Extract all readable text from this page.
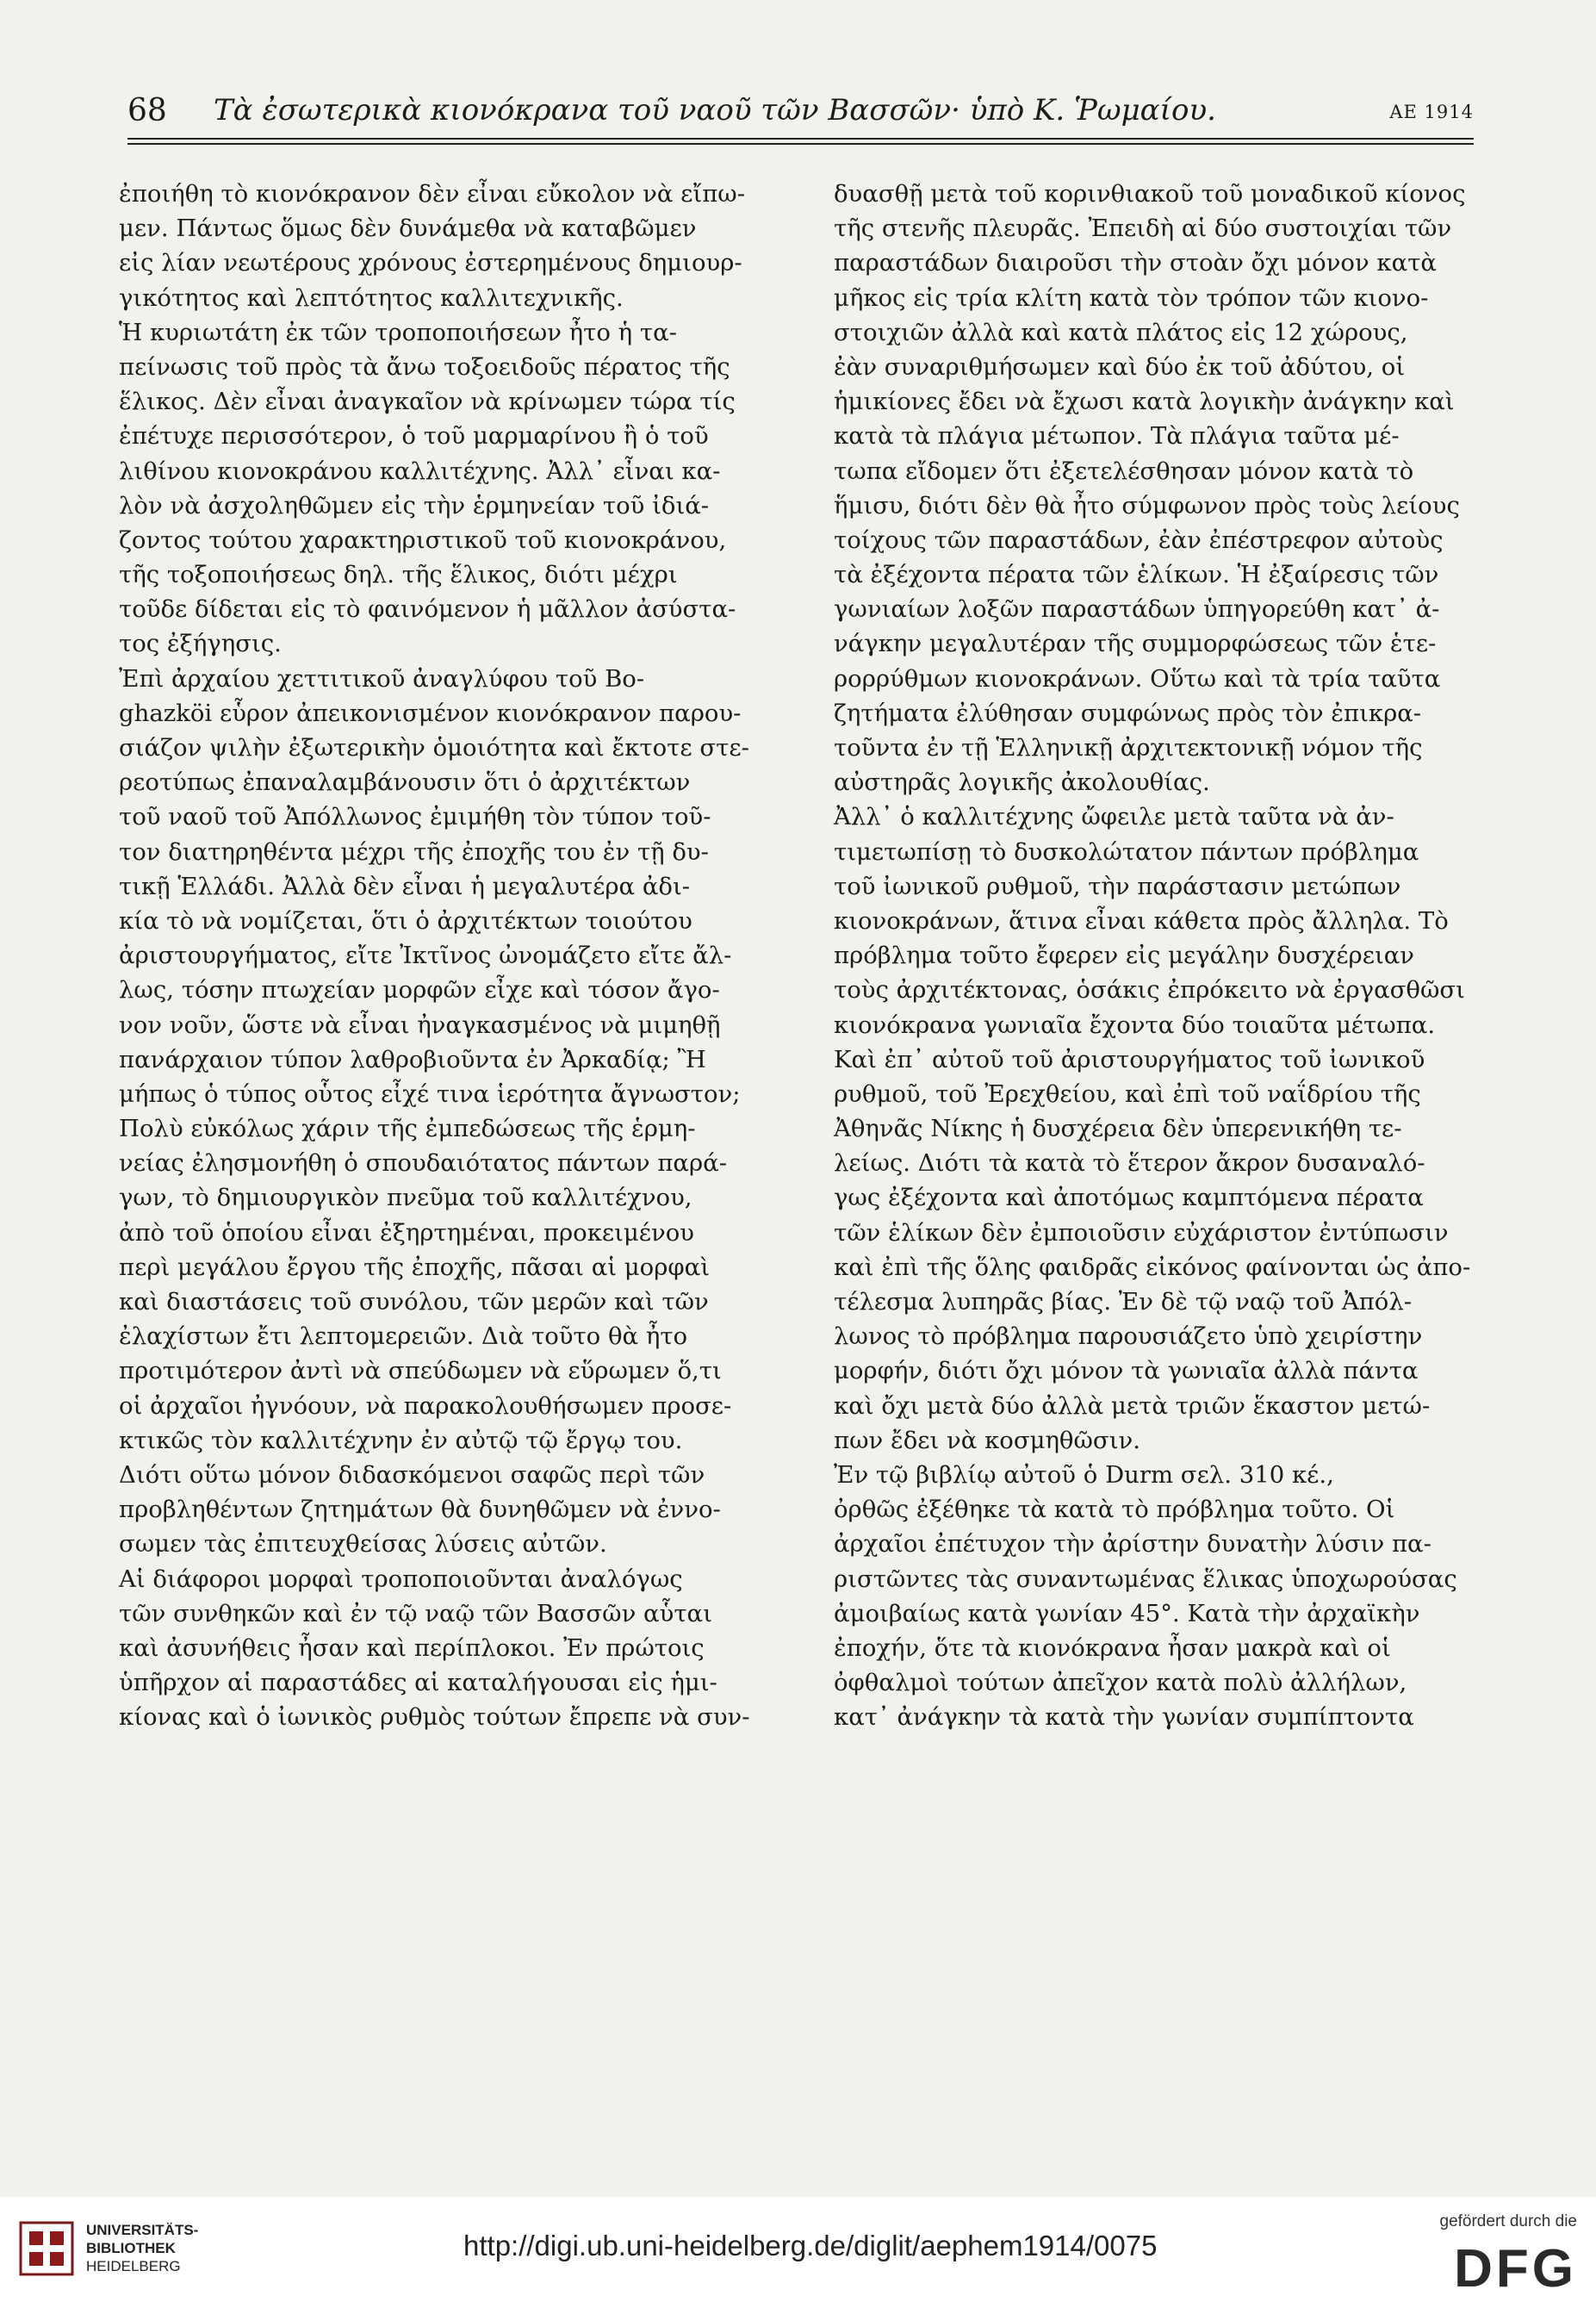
68 Τὰ ἐσωτερικὰ κιονόκρανα τοῦ ναοῦ τῶν Βασσῶν· ὑπὸ Κ. Ῥωμαίου.	ΑΕ 1914
ἐποιήθη τὸ κιονόκρανον δὲν εἶναι εὔκολον νὰ εἴπω-
μεν. Πάντως ὅμως δὲν δυνάμεθα νὰ καταβῶμεν
εἰς λίαν νεωτέρους χρόνους ἐστερημένους δημιουρ-
γικότητος καὶ λεπτότητος καλλιτεχνικῆς.
Ἡ κυριωτάτη ἐκ τῶν τροποποιήσεων ἦτο ἡ τα-
πείνωσις τοῦ πρὸς τὰ ἄνω τοξοειδοῦς πέρατος τῆς
ἕλικος. Δὲν εἶναι ἀναγκαῖον νὰ κρίνωμεν τώρα τίς
ἐπέτυχε περισσότερον, ὁ τοῦ μαρμαρίνου ἢ ὁ τοῦ
λιθίνου κιονοκράνου καλλιτέχνης. Ἀλλ᾽ εἶναι κα-
λὸν νὰ ἀσχοληθῶμεν εἰς τὴν ἑρμηνείαν τοῦ ἰδιά-
ζοντος τούτου χαρακτηριστικοῦ τοῦ κιονοκράνου,
τῆς τοξοποιήσεως δηλ. τῆς ἕλικος, διότι μέχρι
τοῦδε δίδεται εἰς τὸ φαινόμενον ἡ μᾶλλον ἀσύστα-
τος ἐξήγησις.
Ἐπὶ ἀρχαίου χεττιτικοῦ ἀναγλύφου τοῦ Bo-
ghazköi εὗρον ἀπεικονισμένον κιονόκρανον παρου-
σιάζον ψιλὴν ἐξωτερικὴν ὁμοιότητα καὶ ἔκτοτε στε-
ρεοτύπως ἐπαναλαμβάνουσιν ὅτι ὁ ἀρχιτέκτων
τοῦ ναοῦ τοῦ Ἀπόλλωνος ἐμιμήθη τὸν τύπον τοῦ-
τον διατηρηθέντα μέχρι τῆς ἐποχῆς του ἐν τῇ δυ-
τικῇ Ἑλλάδι. Ἀλλὰ δὲν εἶναι ἡ μεγαλυτέρα ἀδι-
κία τὸ νὰ νομίζεται, ὅτι ὁ ἀρχιτέκτων τοιούτου
ἀριστουργήματος, εἴτε Ἰκτῖνος ὠνομάζετο εἴτε ἄλ-
λως, τόσην πτωχείαν μορφῶν εἶχε καὶ τόσον ἄγο-
νον νοῦν, ὥστε νὰ εἶναι ἠναγκασμένος νὰ μιμηθῇ
πανάρχαιον τύπον λαθροβιοῦντα ἐν Ἀρκαδίᾳ; Ἢ
μήπως ὁ τύπος οὗτος εἶχέ τινα ἱερότητα ἄγνωστον;
Πολὺ εὐκόλως χάριν τῆς ἐμπεδώσεως τῆς ἑρμη-
νείας ἐλησμονήθη ὁ σπουδαιότατος πάντων παρά-
γων, τὸ δημιουργικὸν πνεῦμα τοῦ καλλιτέχνου,
ἀπὸ τοῦ ὁποίου εἶναι ἐξηρτημέναι, προκειμένου
περὶ μεγάλου ἔργου τῆς ἐποχῆς, πᾶσαι αἱ μορφαὶ
καὶ διαστάσεις τοῦ συνόλου, τῶν μερῶν καὶ τῶν
ἐλαχίστων ἔτι λεπτομερειῶν. Διὰ τοῦτο θὰ ἦτο
προτιμότερον ἀντὶ νὰ σπεύδωμεν νὰ εὕρωμεν ὅ,τι
οἱ ἀρχαῖοι ἠγνόουν, νὰ παρακολουθήσωμεν προσε-
κτικῶς τὸν καλλιτέχνην ἐν αὐτῷ τῷ ἔργῳ του.
Διότι οὕτω μόνον διδασκόμενοι σαφῶς περὶ τῶν
προβληθέντων ζητημάτων θὰ δυνηθῶμεν νὰ ἐννο-
σωμεν τὰς ἐπιτευχθείσας λύσεις αὐτῶν.
Αἱ διάφοροι μορφαὶ τροποποιοῦνται ἀναλόγως
τῶν συνθηκῶν καὶ ἐν τῷ ναῷ τῶν Βασσῶν αὗται
καὶ ἀσυνήθεις ἦσαν καὶ περίπλοκοι. Ἐν πρώτοις
ὑπῆρχον αἱ παραστάδες αἱ καταλήγουσαι εἰς ἡμι-
κίονας καὶ ὁ ἰωνικὸς ρυθμὸς τούτων ἔπρεπε νὰ συν-
δυασθῇ μετὰ τοῦ κορινθιακοῦ τοῦ μοναδικοῦ κίονος
τῆς στενῆς πλευρᾶς. Ἐπειδὴ αἱ δύο συστοιχίαι τῶν
παραστάδων διαιροῦσι τὴν στοὰν ὄχι μόνον κατὰ
μῆκος εἰς τρία κλίτη κατὰ τὸν τρόπον τῶν κιονο-
στοιχιῶν ἀλλὰ καὶ κατὰ πλάτος εἰς 12 χώρους,
ἐὰν συναριθμήσωμεν καὶ δύο ἐκ τοῦ ἀδύτου, οἱ
ἡμικίονες ἔδει νὰ ἔχωσι κατὰ λογικὴν ἀνάγκην καὶ
κατὰ τὰ πλάγια μέτωπον. Τὰ πλάγια ταῦτα μέ-
τωπα εἴδομεν ὅτι ἐξετελέσθησαν μόνον κατὰ τὸ
ἥμισυ, διότι δὲν θὰ ἦτο σύμφωνον πρὸς τοὺς λείους
τοίχους τῶν παραστάδων, ἐὰν ἐπέστρεφον αὐτοὺς
τὰ ἐξέχοντα πέρατα τῶν ἑλίκων. Ἡ ἐξαίρεσις τῶν
γωνιαίων λοξῶν παραστάδων ὑπηγορεύθη κατ᾽ ἀ-
νάγκην μεγαλυτέραν τῆς συμμορφώσεως τῶν ἑτε-
ρορρύθμων κιονοκράνων. Οὕτω καὶ τὰ τρία ταῦτα
ζητήματα ἐλύθησαν συμφώνως πρὸς τὸν ἐπικρα-
τοῦντα ἐν τῇ Ἑλληνικῇ ἀρχιτεκτονικῇ νόμον τῆς
αὐστηρᾶς λογικῆς ἀκολουθίας.
Ἀλλ᾽ ὁ καλλιτέχνης ὤφειλε μετὰ ταῦτα νὰ ἀν-
τιμετωπίσῃ τὸ δυσκολώτατον πάντων πρόβλημα
τοῦ ἰωνικοῦ ρυθμοῦ, τὴν παράστασιν μετώπων
κιονοκράνων, ἅτινα εἶναι κάθετα πρὸς ἄλληλα. Τὸ
πρόβλημα τοῦτο ἔφερεν εἰς μεγάλην δυσχέρειαν
τοὺς ἀρχιτέκτονας, ὁσάκις ἐπρόκειτο νὰ ἐργασθῶσι
κιονόκρανα γωνιαῖα ἔχοντα δύο τοιαῦτα μέτωπα.
Καὶ ἐπ᾽ αὐτοῦ τοῦ ἀριστουργήματος τοῦ ἰωνικοῦ
ρυθμοῦ, τοῦ Ἐρεχθείου, καὶ ἐπὶ τοῦ ναΐδρίου τῆς
Ἀθηνᾶς Νίκης ἡ δυσχέρεια δὲν ὑπερενικήθη τε-
λείως. Διότι τὰ κατὰ τὸ ἕτερον ἄκρον δυσαναλό-
γως ἐξέχοντα καὶ ἀποτόμως καμπτόμενα πέρατα
τῶν ἑλίκων δὲν ἐμποιοῦσιν εὐχάριστον ἐντύπωσιν
καὶ ἐπὶ τῆς ὅλης φαιδρᾶς εἰκόνος φαίνονται ὡς ἀπο-
τέλεσμα λυπηρᾶς βίας. Ἐν δὲ τῷ ναῷ τοῦ Ἀπόλ-
λωνος τὸ πρόβλημα παρουσιάζετο ὑπὸ χειρίστην
μορφήν, διότι ὄχι μόνον τὰ γωνιαῖα ἀλλὰ πάντα
καὶ ὄχι μετὰ δύο ἀλλὰ μετὰ τριῶν ἕκαστον μετώ-
πων ἔδει νὰ κοσμηθῶσιν.
Ἐν τῷ βιβλίῳ αὐτοῦ ὁ Durm σελ. 310 κέ.,
ὀρθῶς ἐξέθηκε τὰ κατὰ τὸ πρόβλημα τοῦτο. Οἱ
ἀρχαῖοι ἐπέτυχον τὴν ἀρίστην δυνατὴν λύσιν πα-
ριστῶντες τὰς συναντωμένας ἕλικας ὑποχωρούσας
ἀμοιβαίως κατὰ γωνίαν 45°. Κατὰ τὴν ἀρχαϊκὴν
ἐποχήν, ὅτε τὰ κιονόκρανα ἦσαν μακρὰ καὶ οἱ
ὀφθαλμοὶ τούτων ἀπεῖχον κατὰ πολὺ ἀλλήλων,
κατ᾽ ἀνάγκην τὰ κατὰ τὴν γωνίαν συμπίπτοντα
UNIVERSITÄTS-
BIBLIOTHEK
HEIDELBERG
http://digi.ub.uni-heidelberg.de/diglit/aephem1914/0075
gefördert durch die
DFG
